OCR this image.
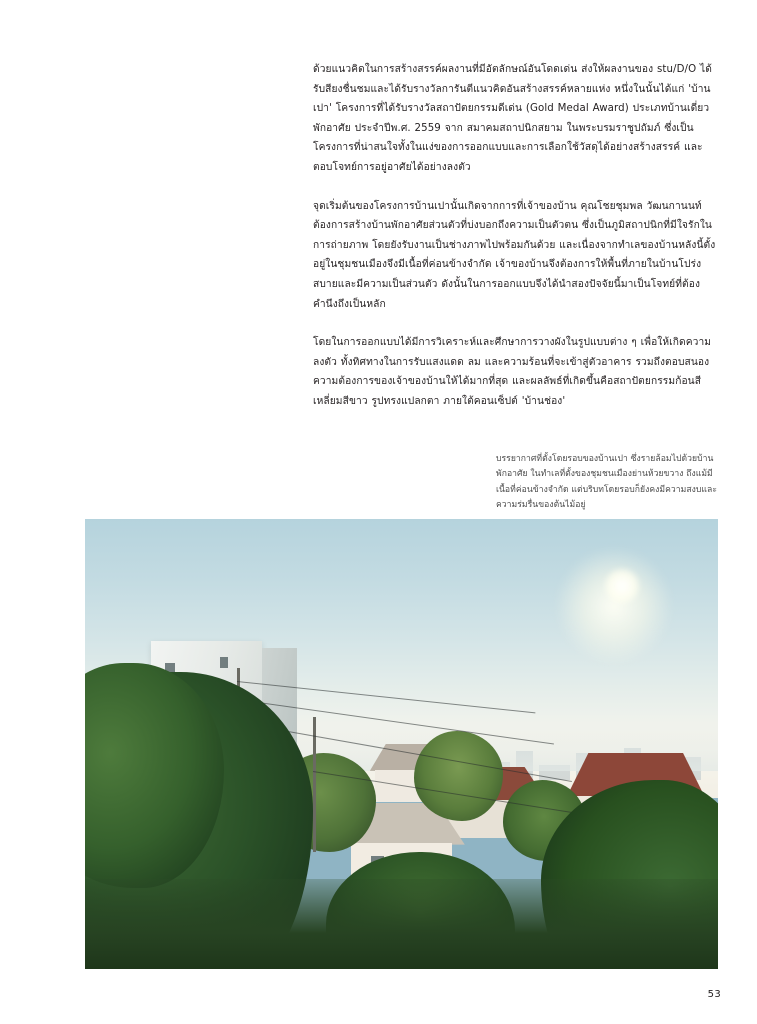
ด้วยแนวคิดในการสร้างสรรค์ผลงานที่มีอัตลักษณ์อันโดดเด่น ส่งให้ผลงานของ stu/D/O ได้รับสียงชื่นชมและได้รับรางวัลการันตีแนวคิดอันสร้างสรรค์หลายแห่ง หนึ่งในนั้นได้แก่ 'บ้านเปา' โครงการที่ได้รับรางวัลสถาปัตยกรรมดีเด่น (Gold Medal Award) ประเภทบ้านเดี่ยวพักอาศัย ประจำปีพ.ศ. 2559 จาก สมาคมสถาปนิกสยาม ในพระบรมราชูปถัมภ์ ซึ่งเป็นโครงการที่น่าสนใจทั้งในแง่ของการออกแบบและการเลือกใช้วัสดุได้อย่างสร้างสรรค์ และตอบโจทย์การอยู่อาศัยได้อย่างลงตัว

จุดเริ่มต้นของโครงการบ้านเปานั้นเกิดจากการที่เจ้าของบ้าน คุณโชยชุมพล วัฒนกานนท์ ต้องการสร้างบ้านพักอาศัยส่วนตัวที่บ่งบอกถึงความเป็นตัวตน ซึ่งเป็นภูมิสถาปนิกที่มีใจรักในการถ่ายภาพ โดยยังรับงานเป็นช่างภาพไปพร้อมกันด้วย และเนื่องจากทำเลของบ้านหลังนี้ตั้งอยู่ในชุมชนเมืองจึงมีเนื้อที่ค่อนข้างจำกัด เจ้าของบ้านจึงต้องการให้พื้นที่ภายในบ้านโปร่งสบายและมีความเป็นส่วนตัว ดังนั้นในการออกแบบจึงได้นำสองปัจจัยนี้มาเป็นโจทย์ที่ต้องคำนึงถึงเป็นหลัก

โดยในการออกแบบได้มีการวิเคราะห์และศึกษาการวางผังในรูปแบบต่าง ๆ เพื่อให้เกิดความลงตัว ทั้งทิศทางในการรับแสงแดด ลม และความร้อนที่จะเข้าสู่ตัวอาคาร รวมถึงตอบสนองความต้องการของเจ้าของบ้านให้ได้มากที่สุด และผลลัพธ์ที่เกิดขึ้นคือสถาปัตยกรรมก้อนสีเหลี่ยมสีขาว รูปทรงแปลกตา ภายใต้คอนเซ็ปต์ 'บ้านช่อง'

บรรยากาศที่ตั้งโดยรอบของบ้านเปา ซึ่งรายล้อมไปด้วยบ้านพักอาศัย ในทำเลที่ตั้งของชุมชนเมืองย่านห้วยขวาง ถึงแม้มีเนื้อที่ค่อนข้างจำกัด แต่บริบทโดยรอบก็ยังคงมีความสงบและความร่มรื่นของต้นไม้อยู่
53
